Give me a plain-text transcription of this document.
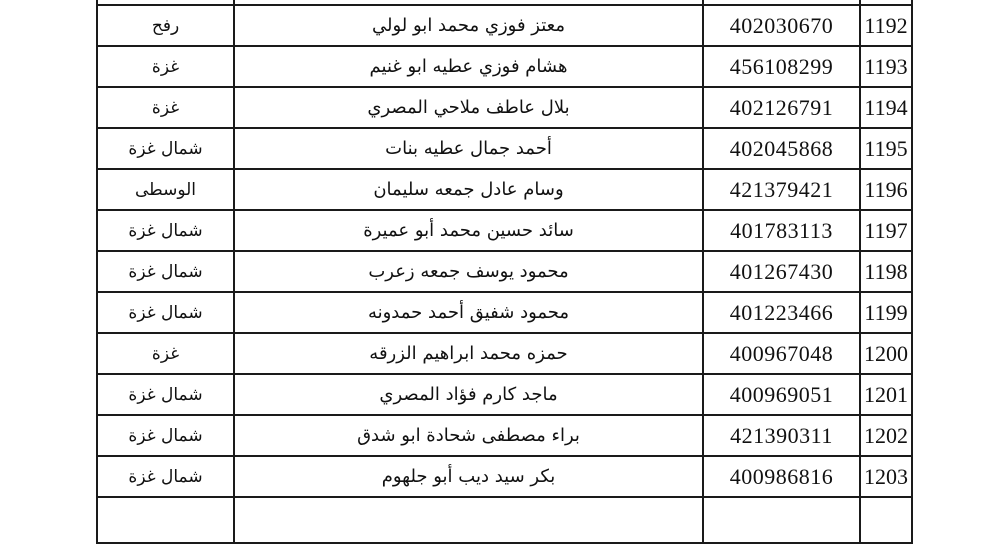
رفح	معتز فوزي محمد ابو لولي	402030670	1192
غزة	هشام فوزي عطيه ابو غنيم	456108299	1193
غزة	بلال عاطف ملاحي المصري	402126791	1194
شمال غزة	أحمد جمال عطيه بنات	402045868	1195
الوسطى	وسام عادل جمعه سليمان	421379421	1196
شمال غزة	سائد حسين محمد أبو عميرة	401783113	1197
شمال غزة	محمود يوسف جمعه زعرب	401267430	1198
شمال غزة	محمود شفيق أحمد حمدونه	401223466	1199
غزة	حمزه محمد ابراهيم الزرقه	400967048	1200
شمال غزة	ماجد كارم فؤاد المصري	400969051	1201
شمال غزة	براء مصطفى شحادة ابو شدق	421390311	1202
شمال غزة	بكر سيد ديب أبو جلهوم	400986816	1203
